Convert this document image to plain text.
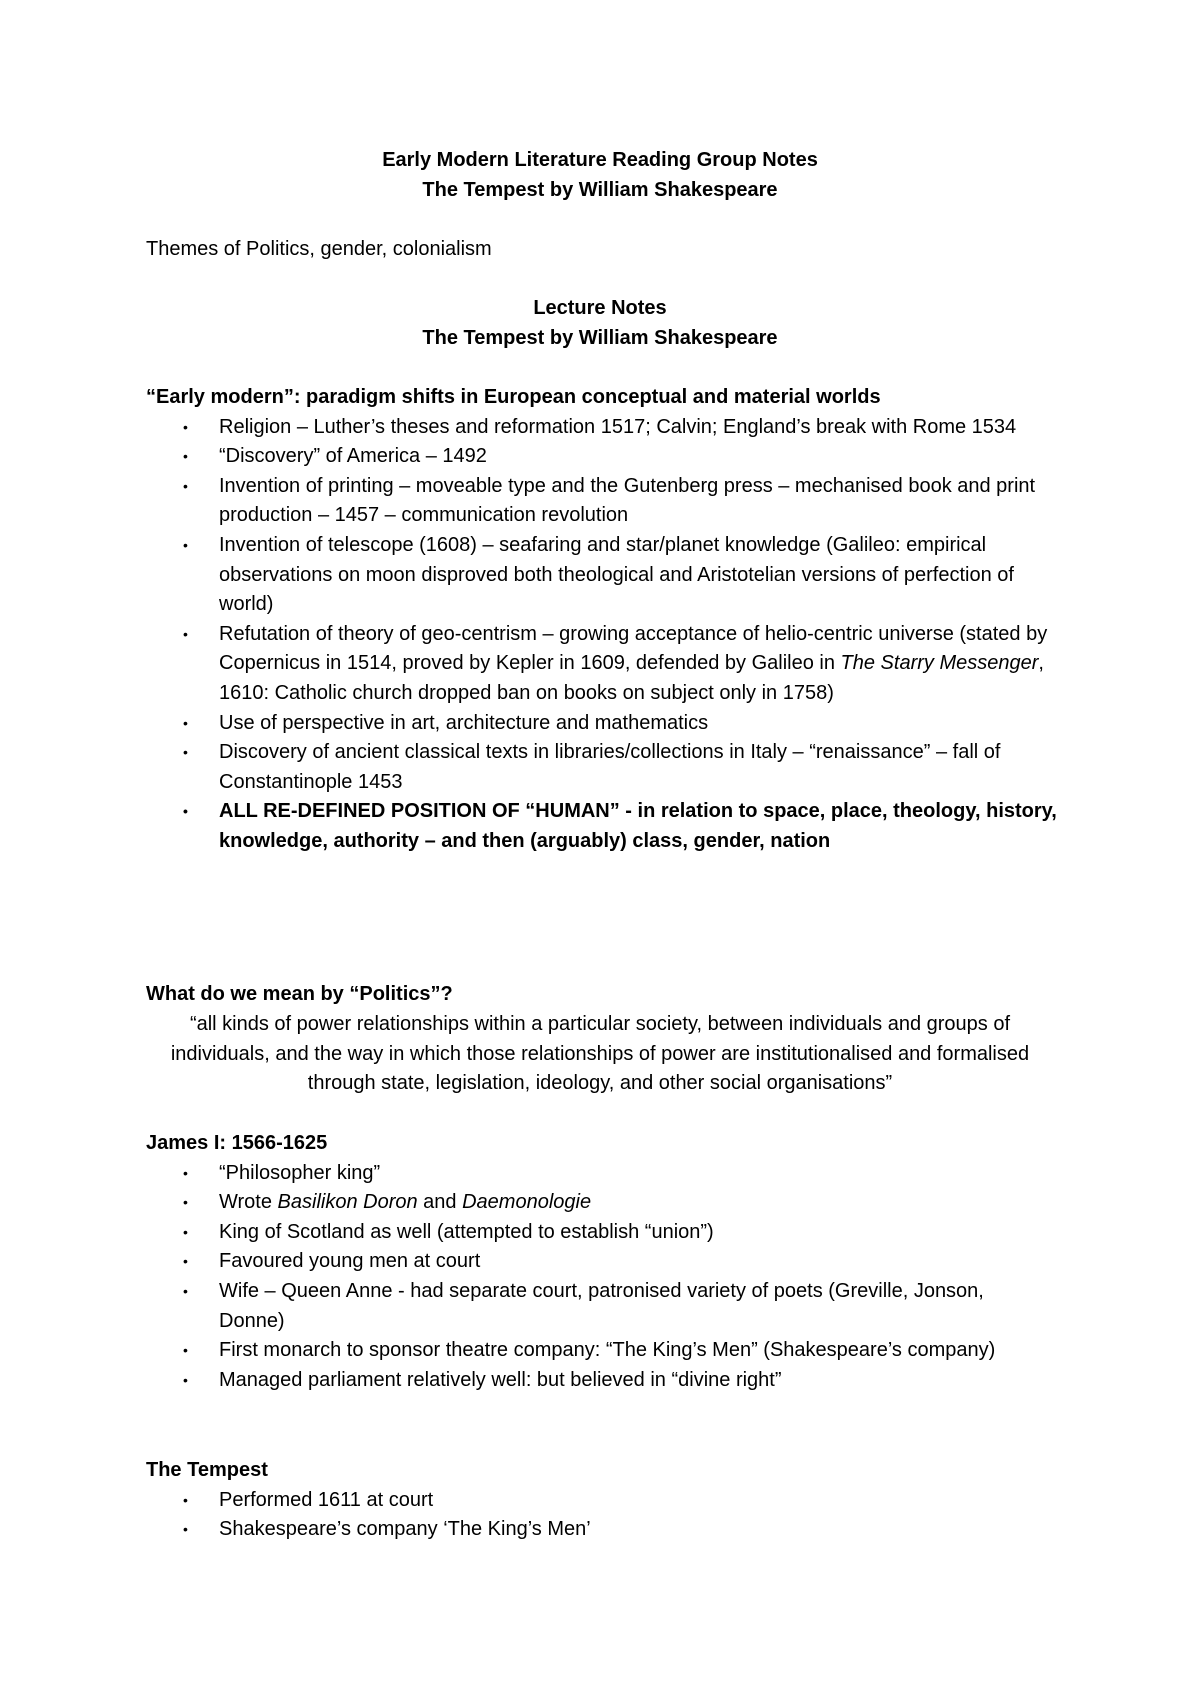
Early Modern Literature Reading Group Notes
The Tempest by William Shakespeare
Themes of Politics, gender, colonialism
Lecture Notes
The Tempest by William Shakespeare
“Early modern”: paradigm shifts in European conceptual and material worlds
• Religion – Luther’s theses and reformation 1517; Calvin; England’s break with Rome 1534
• “Discovery” of America – 1492
• Invention of printing – moveable type and the Gutenberg press – mechanised book and print production – 1457 – communication revolution
• Invention of telescope (1608) – seafaring and star/planet knowledge (Galileo: empirical observations on moon disproved both theological and Aristotelian versions of perfection of world)
• Refutation of theory of geo-centrism – growing acceptance of helio-centric universe (stated by Copernicus in 1514, proved by Kepler in 1609, defended by Galileo in The Starry Messenger, 1610: Catholic church dropped ban on books on subject only in 1758)
• Use of perspective in art, architecture and mathematics
• Discovery of ancient classical texts in libraries/collections in Italy – “renaissance” – fall of Constantinople 1453
• ALL RE-DEFINED POSITION OF “HUMAN” - in relation to space, place, theology, history, knowledge, authority – and then (arguably) class, gender, nation
What do we mean by “Politics”?
“all kinds of power relationships within a particular society, between individuals and groups of individuals, and the way in which those relationships of power are institutionalised and formalised through state, legislation, ideology, and other social organisations”
James I: 1566-1625
• “Philosopher king”
• Wrote Basilikon Doron and Daemonologie
• King of Scotland as well (attempted to establish “union”)
• Favoured young men at court
• Wife – Queen Anne - had separate court, patronised variety of poets (Greville, Jonson, Donne)
• First monarch to sponsor theatre company: “The King’s Men” (Shakespeare’s company)
• Managed parliament relatively well: but believed in “divine right”
The Tempest
• Performed 1611 at court
• Shakespeare’s company ‘The King’s Men’
